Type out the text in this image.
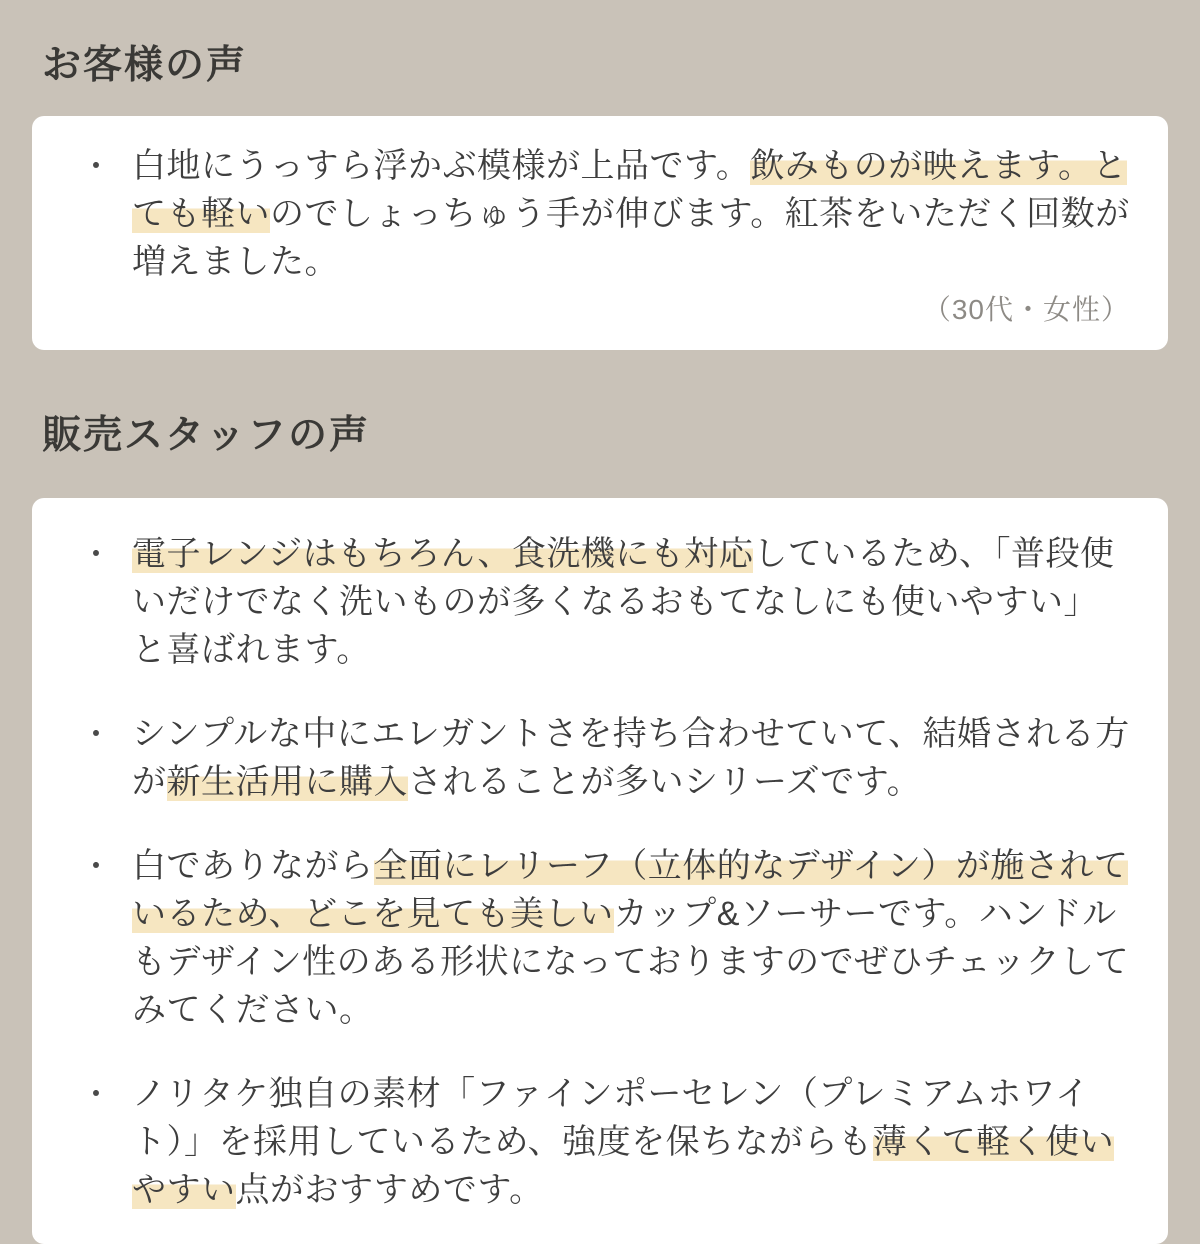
お客様の声
・ 白地にうっすら浮かぶ模様が上品です。飲みものが映えます。とても軽いのでしょっちゅう手が伸びます。紅茶をいただく回数が増えました。

（30代・女性）
販売スタッフの声
・ 電子レンジはもちろん、食洗機にも対応しているため、「普段使いだけでなく洗いものが多くなるおもてなしにも使いやすい」と喜ばれます。

・ シンプルな中にエレガントさを持ち合わせていて、結婚される方が新生活用に購入されることが多いシリーズです。

・ 白でありながら全面にレリーフ（立体的なデザイン）が施されているため、どこを見ても美しいカップ&ソーサーです。ハンドルもデザイン性のある形状になっておりますのでぜひチェックしてみてください。

・ ノリタケ独自の素材「ファインポーセレン（プレミアムホワイト）」を採用しているため、強度を保ちながらも薄くて軽く使いやすい点がおすすめです。
